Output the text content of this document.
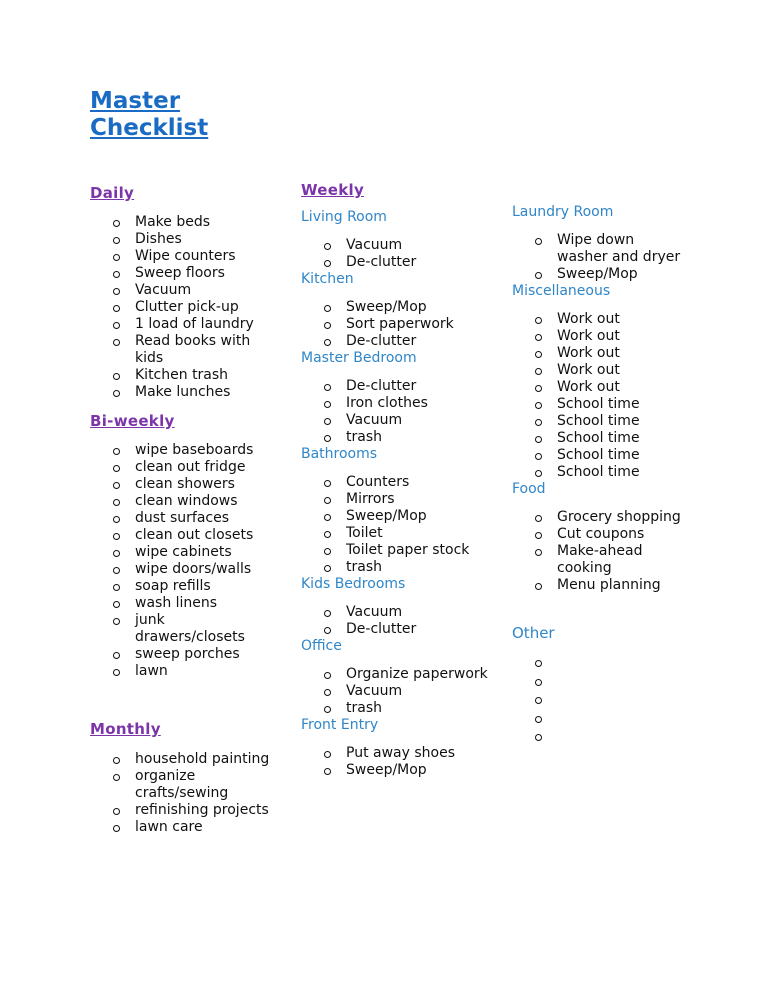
Master Checklist
Daily
Make beds
Dishes
Wipe counters
Sweep floors
Vacuum
Clutter pick-up
1 load of laundry
Read books with kids
Kitchen trash
Make lunches
Bi-weekly
wipe baseboards
clean out fridge
clean showers
clean windows
dust surfaces
clean out closets
wipe cabinets
wipe doors/walls
soap refills
wash linens
junk drawers/closets
sweep porches
lawn
Monthly
household painting
organize crafts/sewing
refinishing projects
lawn care
Weekly
Living Room
Vacuum
De-clutter
Kitchen
Sweep/Mop
Sort paperwork
De-clutter
Master Bedroom
De-clutter
Iron clothes
Vacuum
trash
Bathrooms
Counters
Mirrors
Sweep/Mop
Toilet
Toilet paper stock
trash
Kids Bedrooms
Vacuum
De-clutter
Office
Organize paperwork
Vacuum
trash
Front Entry
Put away shoes
Sweep/Mop
Laundry Room
Wipe down washer and dryer
Sweep/Mop
Miscellaneous
Work out
Work out
Work out
Work out
Work out
School time
School time
School time
School time
School time
Food
Grocery shopping
Cut coupons
Make-ahead cooking
Menu planning
Other
